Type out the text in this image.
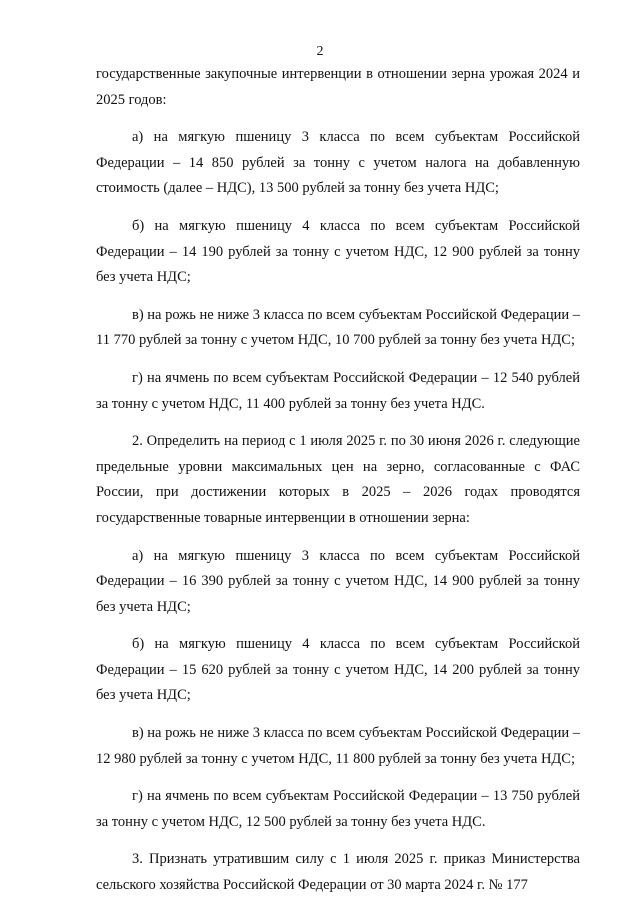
2

государственные закупочные интервенции в отношении зерна урожая 2024 и 2025 годов:

а) на мягкую пшеницу 3 класса по всем субъектам Российской Федерации – 14 850 рублей за тонну с учетом налога на добавленную стоимость (далее – НДС), 13 500 рублей за тонну без учета НДС;

б) на мягкую пшеницу 4 класса по всем субъектам Российской Федерации – 14 190 рублей за тонну с учетом НДС, 12 900 рублей за тонну без учета НДС;

в) на рожь не ниже 3 класса по всем субъектам Российской Федерации – 11 770 рублей за тонну с учетом НДС, 10 700 рублей за тонну без учета НДС;

г) на ячмень по всем субъектам Российской Федерации – 12 540 рублей за тонну с учетом НДС, 11 400 рублей за тонну без учета НДС.

2. Определить на период с 1 июля 2025 г. по 30 июня 2026 г. следующие предельные уровни максимальных цен на зерно, согласованные с ФАС России, при достижении которых в 2025 – 2026 годах проводятся государственные товарные интервенции в отношении зерна:

а) на мягкую пшеницу 3 класса по всем субъектам Российской Федерации – 16 390 рублей за тонну с учетом НДС, 14 900 рублей за тонну без учета НДС;

б) на мягкую пшеницу 4 класса по всем субъектам Российской Федерации – 15 620 рублей за тонну с учетом НДС, 14 200 рублей за тонну без учета НДС;

в) на рожь не ниже 3 класса по всем субъектам Российской Федерации – 12 980 рублей за тонну с учетом НДС, 11 800 рублей за тонну без учета НДС;

г) на ячмень по всем субъектам Российской Федерации – 13 750 рублей за тонну с учетом НДС, 12 500 рублей за тонну без учета НДС.

3. Признать утратившим силу с 1 июля 2025 г. приказ Министерства сельского хозяйства Российской Федерации от 30 марта 2024 г. № 177
